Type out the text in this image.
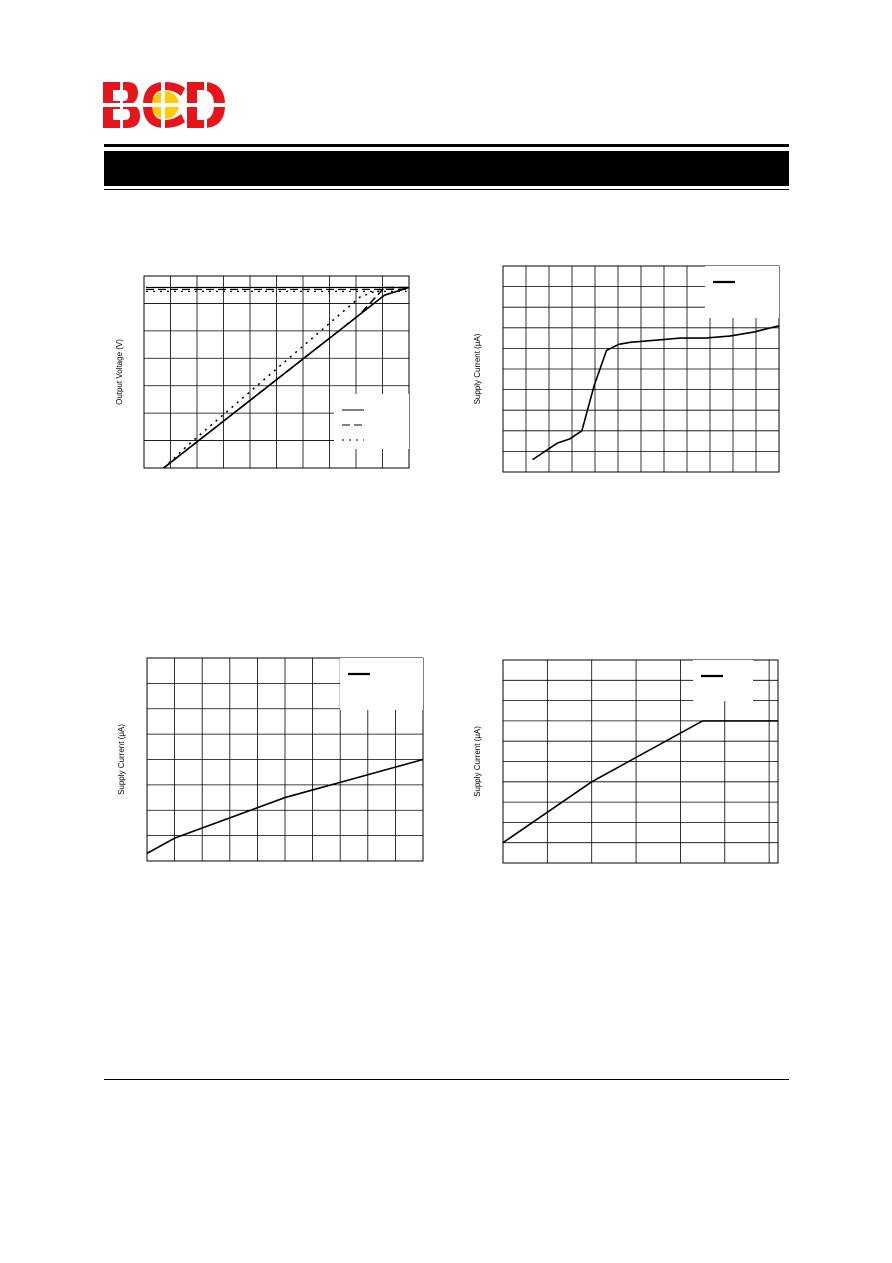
Output Voltage (V)	Supply Current (μA)
Supply Current (μA)	Supply Current (μA)
